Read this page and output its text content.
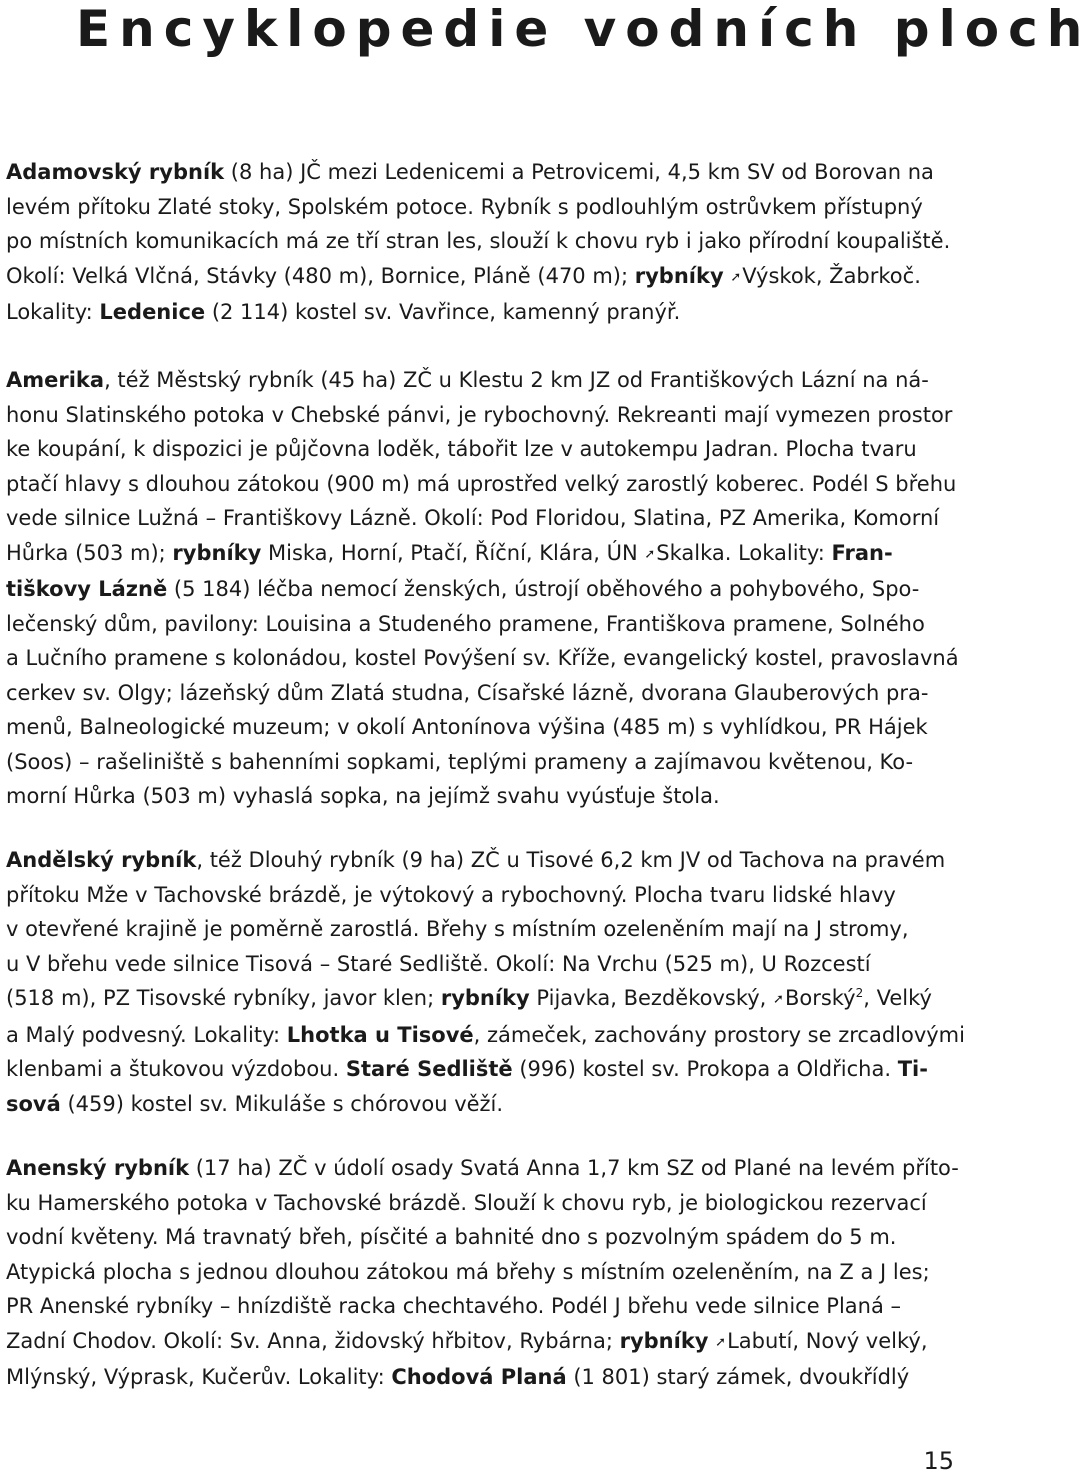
Encyklopedie vodních ploch
Adamovský rybník (8 ha) JČ mezi Ledenicemi a Petrovicemi, 4,5 km SV od Borovan na
levém přítoku Zlaté stoky, Spolském potoce. Rybník s podlouhlým ostrůvkem přístupný
po místních komunikacích má ze tří stran les, slouží k chovu ryb i jako přírodní koupaliště.
Okolí: Velká Vlčná, Stávky (480 m), Bornice, Pláně (470 m); rybníky ➚Výskok, Žabrkoč.
Lokality: Ledenice (2 114) kostel sv. Vavřince, kamenný pranýř.
Amerika, též Městský rybník (45 ha) ZČ u Klestu 2 km JZ od Františkových Lázní na ná-
honu Slatinského potoka v Chebské pánvi, je rybochovný. Rekreanti mají vymezen prostor
ke koupání, k dispozici je půjčovna loděk, tábořit lze v autokempu Jadran. Plocha tvaru
ptačí hlavy s dlouhou zátokou (900 m) má uprostřed velký zarostlý koberec. Podél S břehu
vede silnice Lužná – Františkovy Lázně. Okolí: Pod Floridou, Slatina, PZ Amerika, Komorní
Hůrka (503 m); rybníky Miska, Horní, Ptačí, Říční, Klára, ÚN ➚Skalka. Lokality: Fran-
tiškovy Lázně (5 184) léčba nemocí ženských, ústrojí oběhového a pohybového, Spo-
lečenský dům, pavilony: Louisina a Studeného pramene, Františkova pramene, Solného
a Lučního pramene s kolonádou, kostel Povýšení sv. Kříže, evangelický kostel, pravoslavná
cerkev sv. Olgy; lázeňský dům Zlatá studna, Císařské lázně, dvorana Glauberových pra-
menů, Balneologické muzeum; v okolí Antonínova výšina (485 m) s vyhlídkou, PR Hájek
(Soos) – rašeliniště s bahenními sopkami, teplými prameny a zajímavou květenou, Ko-
morní Hůrka (503 m) vyhaslá sopka, na jejímž svahu vyúsťuje štola.
Andělský rybník, též Dlouhý rybník (9 ha) ZČ u Tisové 6,2 km JV od Tachova na pravém
přítoku Mže v Tachovské brázdě, je výtokový a rybochovný. Plocha tvaru lidské hlavy
v otevřené krajině je poměrně zarostlá. Břehy s místním ozeleněním mají na J stromy,
u V břehu vede silnice Tisová – Staré Sedliště. Okolí: Na Vrchu (525 m), U Rozcestí
(518 m), PZ Tisovské rybníky, javor klen; rybníky Pijavka, Bezděkovský, ➚Borský$^2$, Velký
a Malý podvesný. Lokality: Lhotka u Tisové, zámeček, zachovány prostory se zrcadlovými
klenbami a štukovou výzdobou. Staré Sedliště (996) kostel sv. Prokopa a Oldřicha. Ti-
sová (459) kostel sv. Mikuláše s chórovou věží.
Anenský rybník (17 ha) ZČ v údolí osady Svatá Anna 1,7 km SZ od Plané na levém příto-
ku Hamerského potoka v Tachovské brázdě. Slouží k chovu ryb, je biologickou rezervací
vodní květeny. Má travnatý břeh, písčité a bahnité dno s pozvolným spádem do 5 m.
Atypická plocha s jednou dlouhou zátokou má břehy s místním ozeleněním, na Z a J les;
PR Anenské rybníky – hnízdiště racka chechtavého. Podél J břehu vede silnice Planá –
Zadní Chodov. Okolí: Sv. Anna, židovský hřbitov, Rybárna; rybníky ➚Labutí, Nový velký,
Mlýnský, Výprask, Kučerův. Lokality: Chodová Planá (1 801) starý zámek, dvoukřídlý
15
